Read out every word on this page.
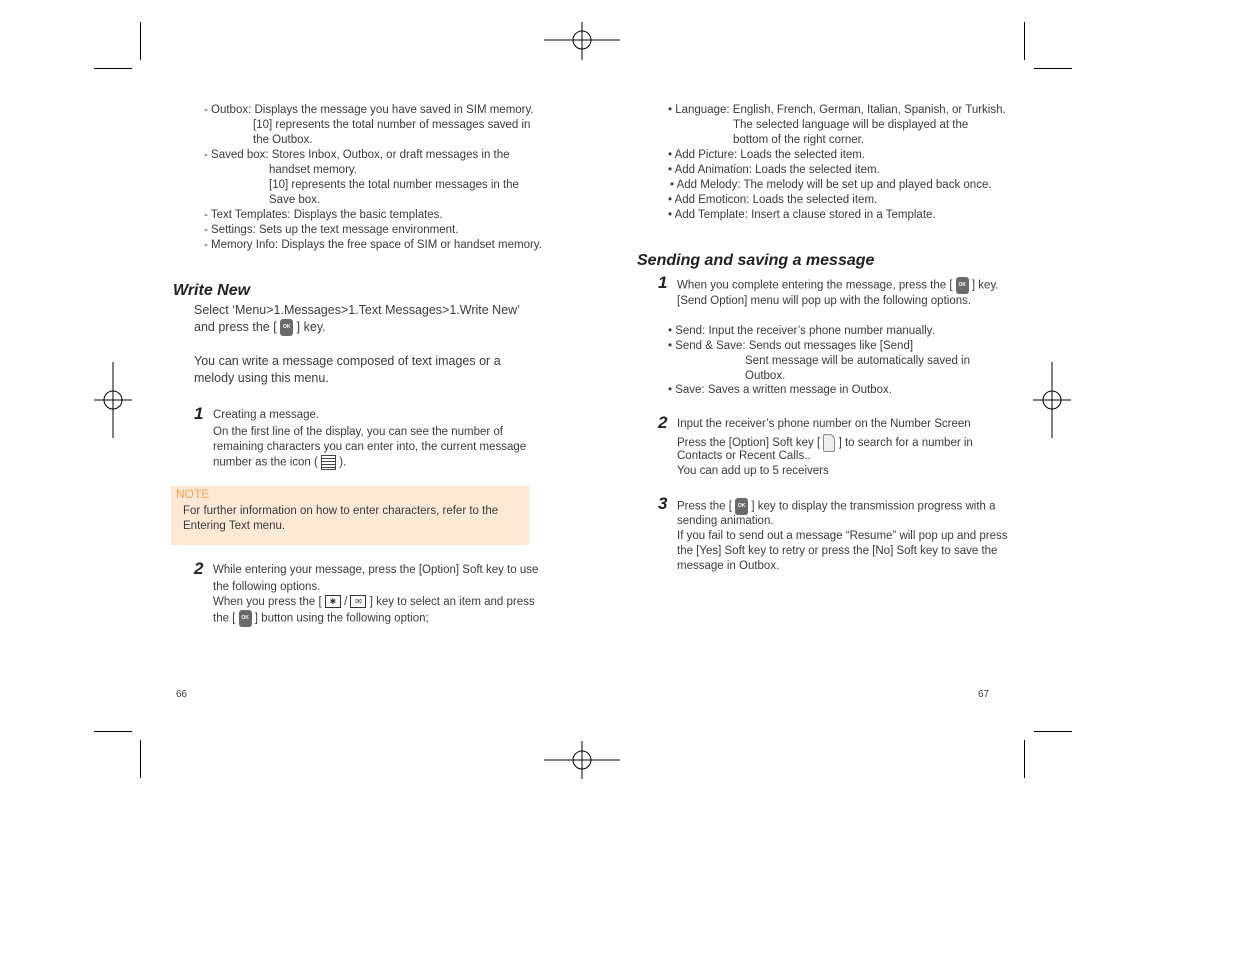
- Outbox: Displays the message you have saved in SIM memory.
[10] represents the total number of messages saved in
the Outbox.
- Saved box: Stores Inbox, Outbox, or draft messages in the
handset memory.
[10] represents the total number messages in the
Save box.
- Text Templates: Displays the basic templates.
- Settings: Sets up the text message environment.
- Memory Info: Displays the free space of SIM or handset memory.
Write New
Select ‘Menu>1.Messages>1.Text Messages>1.Write New’
and press the [ OK ] key.
You can write a message composed of text images or a
melody using this menu.
1 Creating a message.
On the first line of the display, you can see the number of
remaining characters you can enter into, the current message
number as the icon ( ).
NOTE
For further information on how to enter characters, refer to the
Entering Text menu.
2 While entering your message, press the [Option] Soft key to use
the following options.
When you press the [ ✱ / ✉ ] key to select an item and press
the [ OK ] button using the following option;
66
• Language: English, French, German, Italian, Spanish, or Turkish.
The selected language will be displayed at the
bottom of the right corner.
• Add Picture: Loads the selected item.
• Add Animation: Loads the selected item.
• Add Melody: The melody will be set up and played back once.
• Add Emoticon: Loads the selected item.
• Add Template: Insert a clause stored in a Template.
Sending and saving a message
1 When you complete entering the message, press the [ OK ] key.
[Send Option] menu will pop up with the following options.
• Send: Input the receiver’s phone number manually.
• Send & Save: Sends out messages like [Send]
Sent message will be automatically saved in
Outbox.
• Save: Saves a written message in Outbox.
2 Input the receiver’s phone number on the Number Screen
Press the [Option] Soft key [ ] to search for a number in
Contacts or Recent Calls..
You can add up to 5 receivers
3 Press the [ OK ] key to display the transmission progress with a
sending animation.
If you fail to send out a message “Resume” will pop up and press
the [Yes] Soft key to retry or press the [No] Soft key to save the
message in Outbox.
67
